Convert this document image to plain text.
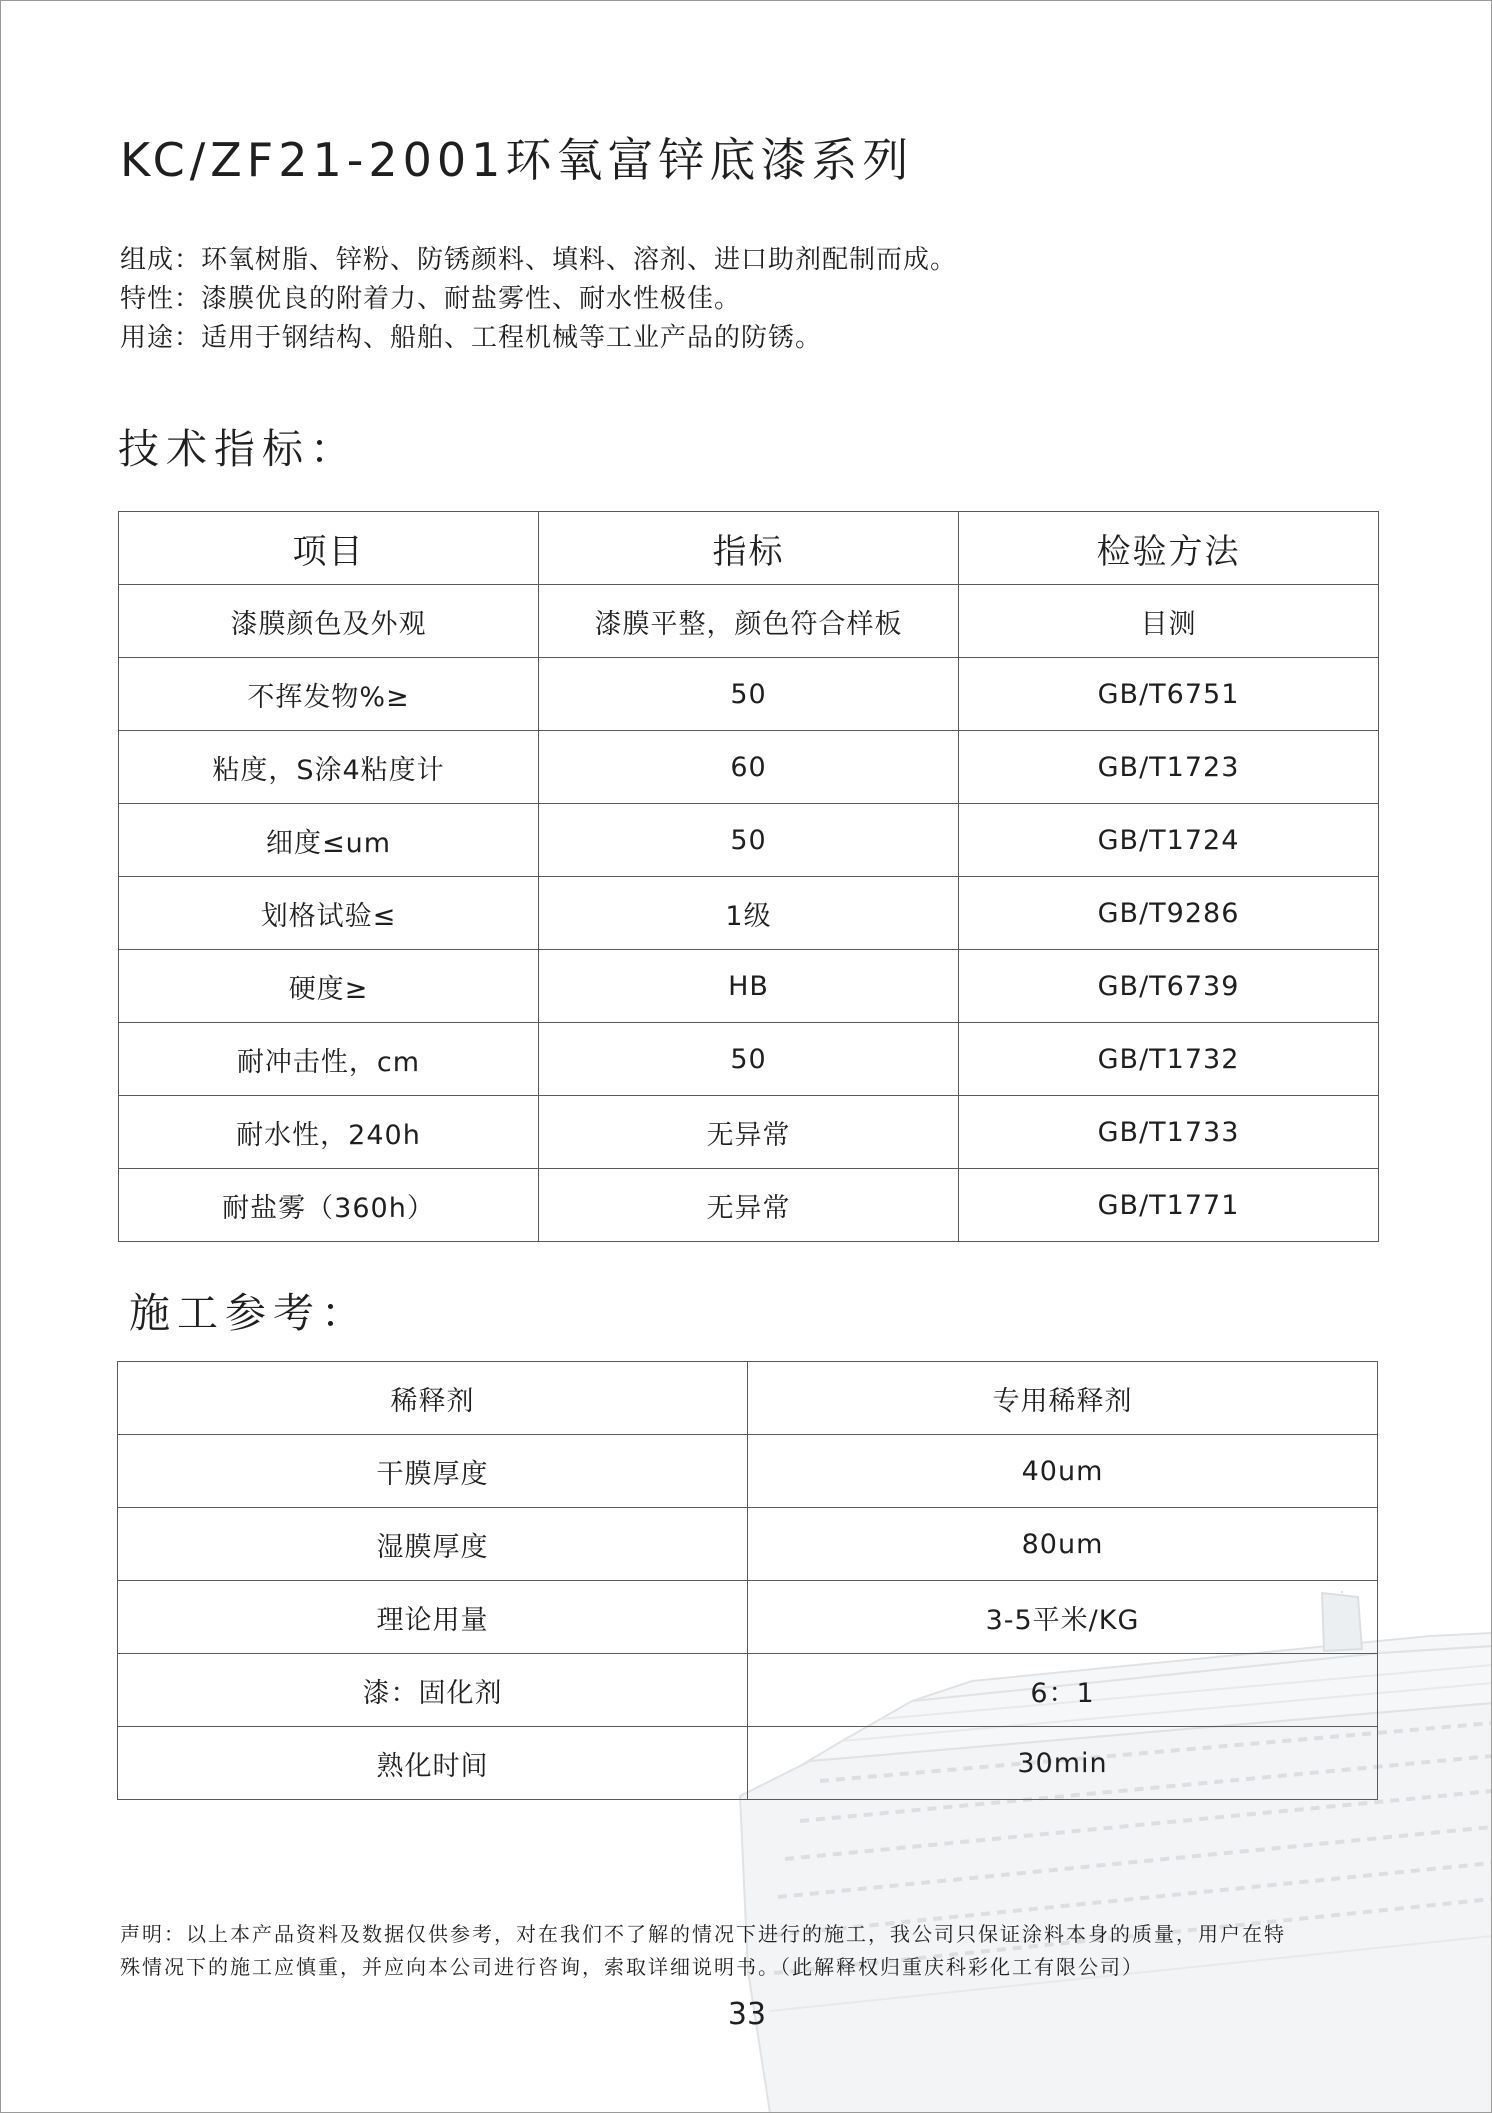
KC/ZF21-2001环氧富锌底漆系列
组成：环氧树脂、锌粉、防锈颜料、填料、溶剂、进口助剂配制而成。
特性：漆膜优良的附着力、耐盐雾性、耐水性极佳。
用途：适用于钢结构、船舶、工程机械等工业产品的防锈。
技术指标：
项目	指标	检验方法
漆膜颜色及外观	漆膜平整，颜色符合样板	目测
不挥发物%≥	50	GB/T6751
粘度，S涂4粘度计	60	GB/T1723
细度≤um	50	GB/T1724
划格试验≤	1级	GB/T9286
硬度≥	HB	GB/T6739
耐冲击性，cm	50	GB/T1732
耐水性，240h	无异常	GB/T1733
耐盐雾（360h）	无异常	GB/T1771
施工参考：
稀释剂	专用稀释剂
干膜厚度	40um
湿膜厚度	80um
理论用量	3-5平米/KG
漆：固化剂	6：1
熟化时间	30min

声明：以上本产品资料及数据仅供参考，对在我们不了解的情况下进行的施工，我公司只保证涂料本身的质量，用户在特
殊情况下的施工应慎重，并应向本公司进行咨询，索取详细说明书。（此解释权归重庆科彩化工有限公司）

33
